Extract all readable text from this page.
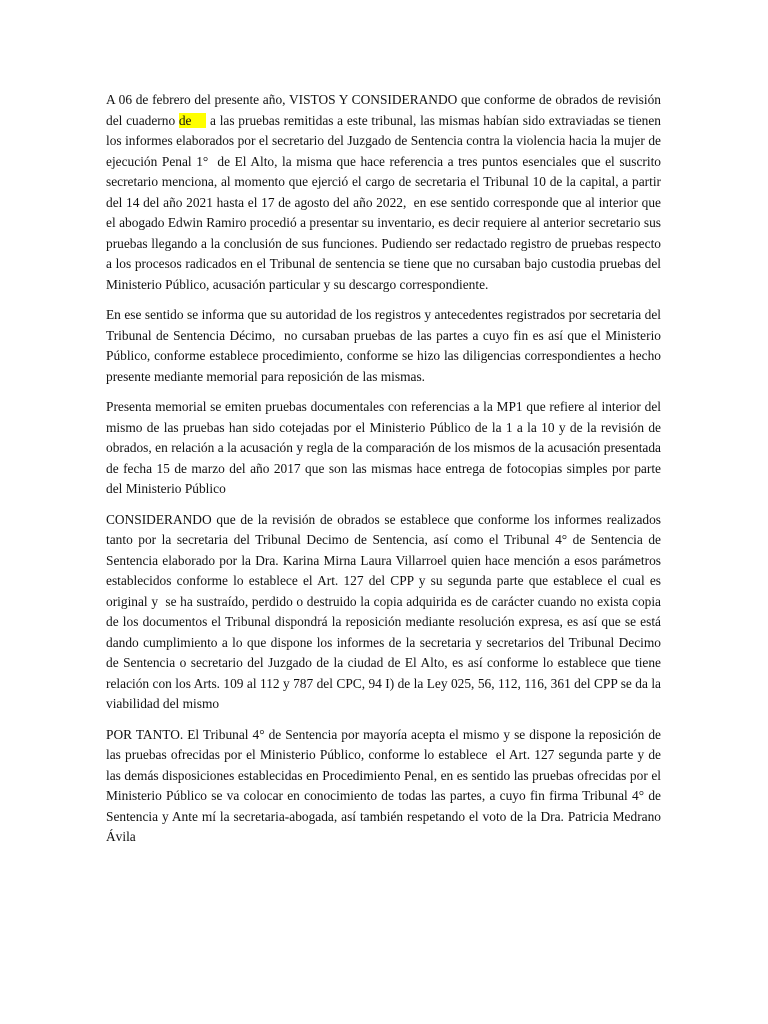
A 06 de febrero del presente año, VISTOS Y CONSIDERANDO que conforme de obrados de revisión del cuaderno de     a las pruebas remitidas a este tribunal, las mismas habían sido extraviadas se tienen los informes elaborados por el secretario del Juzgado de Sentencia contra la violencia hacia la mujer de ejecución Penal 1°  de El Alto, la misma que hace referencia a tres puntos esenciales que el suscrito secretario menciona, al momento que ejerció el cargo de secretaria el Tribunal 10 de la capital, a partir del 14 del año 2021 hasta el 17 de agosto del año 2022,  en ese sentido corresponde que al interior que el abogado Edwin Ramiro procedió a presentar su inventario, es decir requiere al anterior secretario sus pruebas llegando a la conclusión de sus funciones. Pudiendo ser redactado registro de pruebas respecto a los procesos radicados en el Tribunal de sentencia se tiene que no cursaban bajo custodia pruebas del Ministerio Público, acusación particular y su descargo correspondiente.

En ese sentido se informa que su autoridad de los registros y antecedentes registrados por secretaria del Tribunal de Sentencia Décimo,  no cursaban pruebas de las partes a cuyo fin es así que el Ministerio Público, conforme establece procedimiento, conforme se hizo las diligencias correspondientes a hecho presente mediante memorial para reposición de las mismas.

Presenta memorial se emiten pruebas documentales con referencias a la MP1 que refiere al interior del mismo de las pruebas han sido cotejadas por el Ministerio Público de la 1 a la 10 y de la revisión de  obrados, en relación a la acusación y regla de la comparación de los mismos de la acusación presentada de fecha 15 de marzo del año 2017 que son las mismas hace entrega de fotocopias simples por parte del Ministerio Público

CONSIDERANDO que de la revisión de obrados se establece que conforme los informes realizados tanto por la secretaria del Tribunal Decimo de Sentencia, así como el Tribunal 4° de Sentencia de Sentencia elaborado por la Dra. Karina Mirna Laura Villarroel quien hace mención a esos parámetros establecidos conforme lo establece el Art. 127 del CPP y su segunda parte que establece el cual es original y  se ha sustraído, perdido o destruido la copia adquirida es de carácter cuando no exista copia de los documentos el Tribunal dispondrá la reposición mediante resolución expresa, es así que se está dando cumplimiento a lo que dispone los informes de la secretaria y secretarios del Tribunal Decimo de Sentencia o secretario del Juzgado de la ciudad de El Alto, es así conforme lo establece que tiene relación con los Arts. 109 al 112 y 787 del CPC, 94 I) de la Ley 025, 56, 112, 116, 361 del CPP se da la viabilidad del mismo

POR TANTO. El Tribunal 4° de Sentencia por mayoría acepta el mismo y se dispone la reposición de las pruebas ofrecidas por el Ministerio Público, conforme lo establece  el Art. 127 segunda parte y de las demás disposiciones establecidas en Procedimiento Penal, en es sentido las pruebas ofrecidas por el Ministerio Público se va colocar en conocimiento de todas las partes, a cuyo fin firma Tribunal 4° de Sentencia y Ante mí la secretaria-abogada, así también respetando el voto de la Dra. Patricia Medrano Ávila
